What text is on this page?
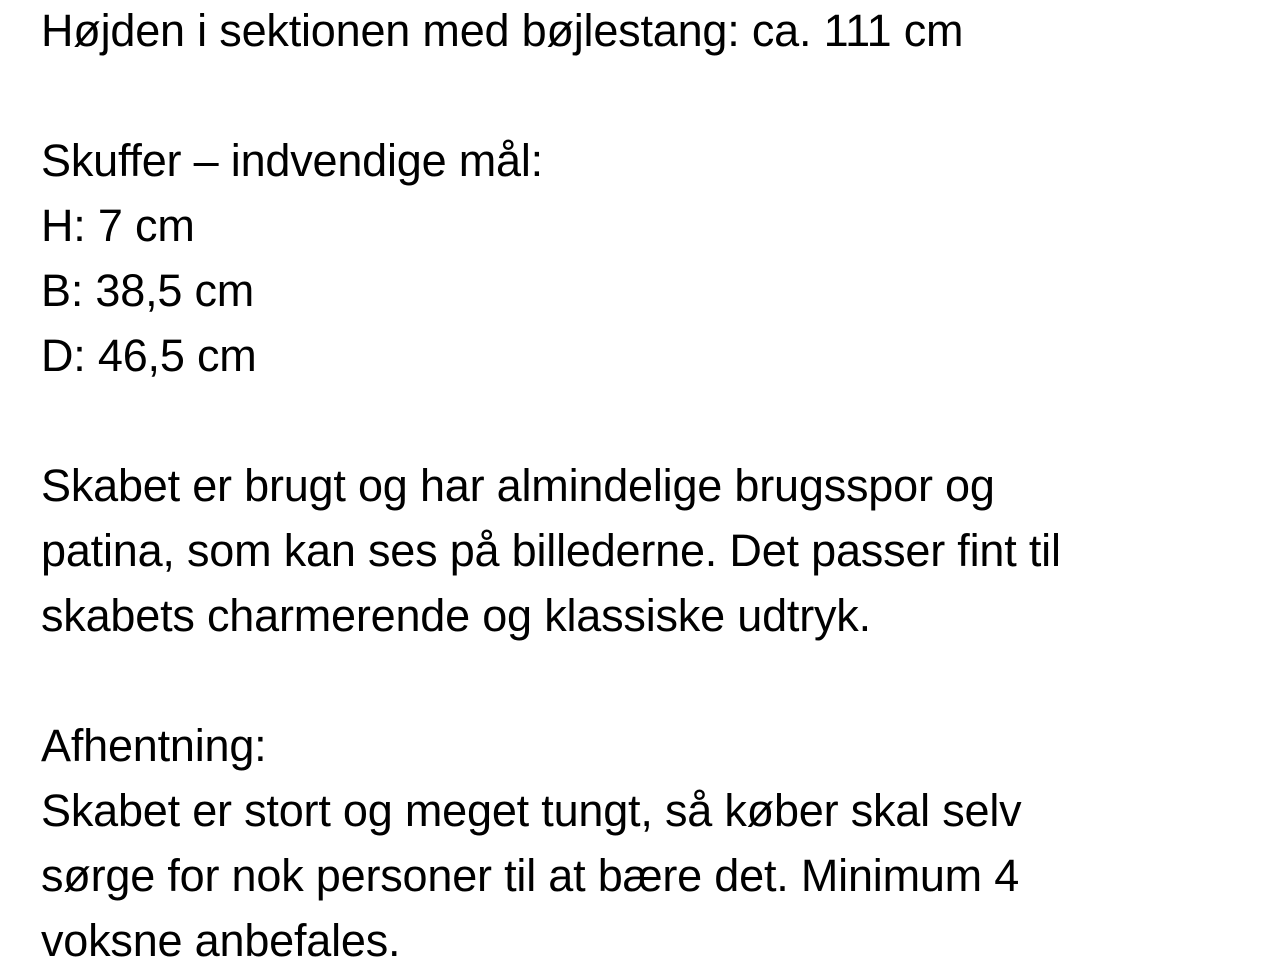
Højden i sektionen med bøjlestang: ca. 111 cm
Skuffer – indvendige mål:
H: 7 cm
B: 38,5 cm
D: 46,5 cm
Skabet er brugt og har almindelige brugsspor og
patina, som kan ses på billederne. Det passer fint til
skabets charmerende og klassiske udtryk.
Afhentning:
Skabet er stort og meget tungt, så køber skal selv
sørge for nok personer til at bære det. Minimum 4
voksne anbefales.
